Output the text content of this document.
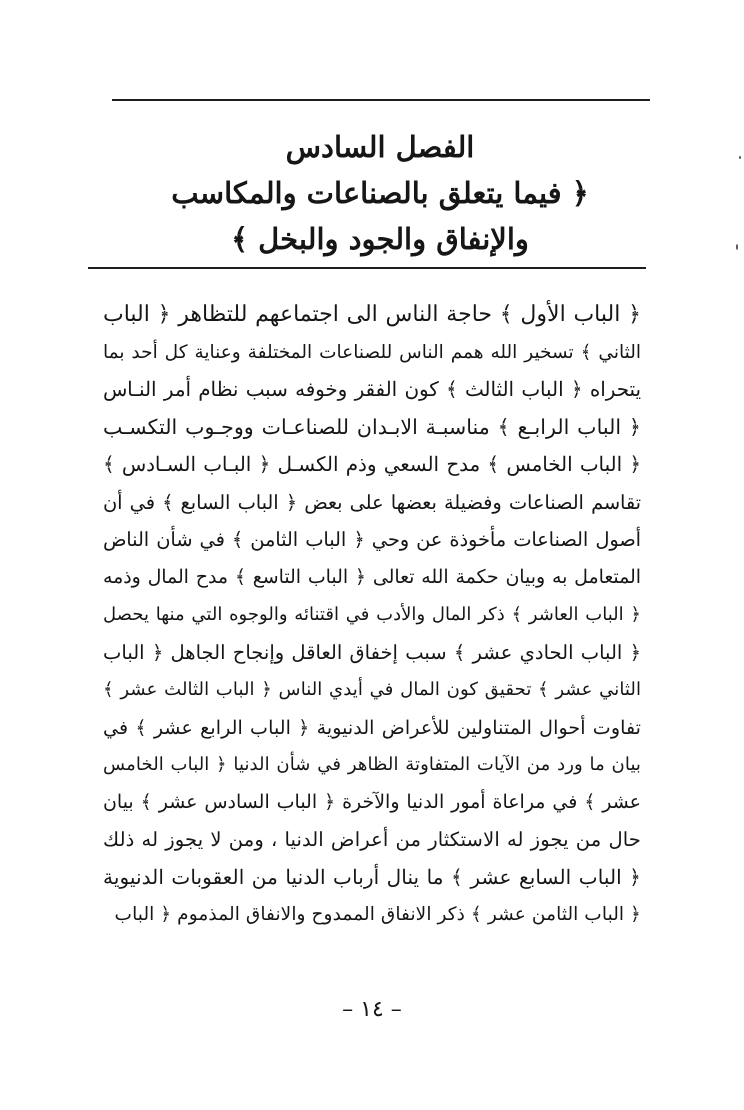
الفصل السادس
﴿ فيما يتعلق بالصناعات والمكاسب
والإنفاق والجود والبخل ﴾
﴿ الباب الأول ﴾ حاجة الناس الى اجتماعهم للتظاهر ﴿ الباب
الثاني ﴾ تسخير الله همم الناس للصناعات المختلفة وعناية كل أحد بما
يتحراه ﴿ الباب الثالث ﴾ كون الفقر وخوفه سبب نظام أمر النـاس
﴿ الباب الرابـع ﴾ مناسبـة الابـدان للصناعـات ووجـوب التكسـب
﴿ الباب الخامس ﴾ مدح السعي وذم الكسـل ﴿ البـاب السـادس ﴾
تقاسم الصناعات وفضيلة بعضها على بعض ﴿ الباب السابع ﴾ في أن
أصول الصناعات مأخوذة عن وحي ﴿ الباب الثامن ﴾ في شأن الناض
المتعامل به وبيان حكمة الله تعالى ﴿ الباب التاسع ﴾ مدح المال وذمه
﴿ الباب العاشر ﴾ ذكر المال والأدب في اقتنائه والوجوه التي منها يحصل
﴿ الباب الحادي عشر ﴾ سبب إخفاق العاقل وإنجاح الجاهل ﴿ الباب
الثاني عشر ﴾ تحقيق كون المال في أيدي الناس ﴿ الباب الثالث عشر ﴾
تفاوت أحوال المتناولين للأعراض الدنيوية ﴿ الباب الرابع عشر ﴾ في
بيان ما ورد من الآيات المتفاوتة الظاهر في شأن الدنيا ﴿ الباب الخامس
عشر ﴾ في مراعاة أمور الدنيا والآخرة ﴿ الباب السادس عشر ﴾ بيان
حال من يجوز له الاستكثار من أعراض الدنيا ، ومن لا يجوز له ذلك
﴿ الباب السابع عشر ﴾ ما ينال أرباب الدنيا من العقوبات الدنيوية
﴿ الباب الثامن عشر ﴾ ذكر الانفاق الممدوح والانفاق المذموم ﴿ الباب
– ١٤ –
